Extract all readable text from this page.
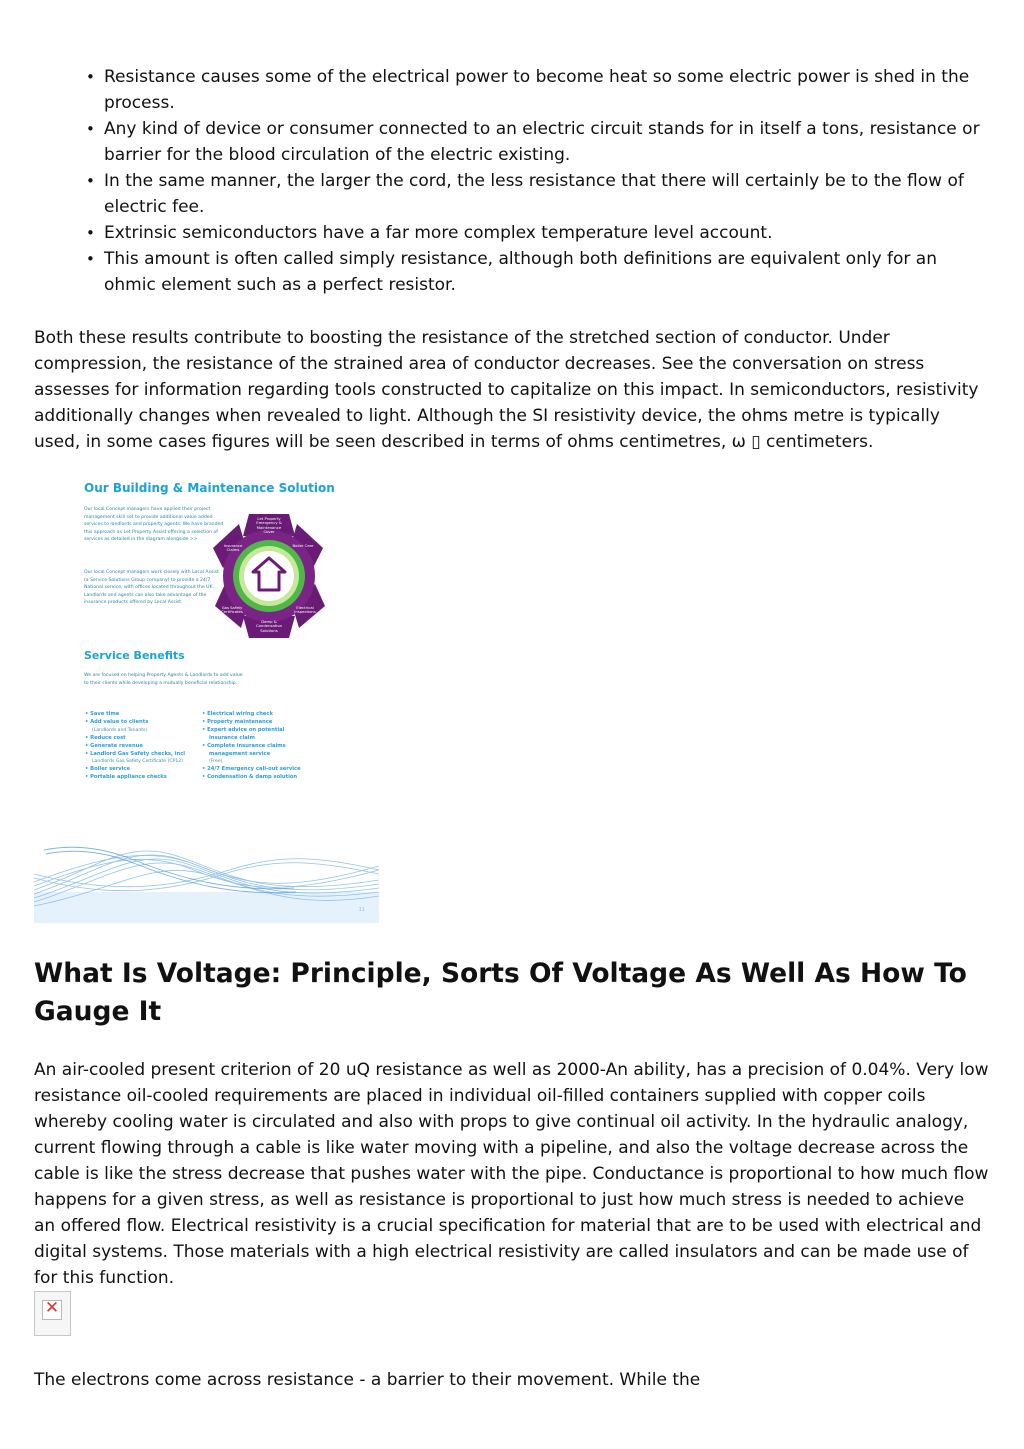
• Resistance causes some of the electrical power to become heat so some electric power is shed in the process.
• Any kind of device or consumer connected to an electric circuit stands for in itself a tons, resistance or barrier for the blood circulation of the electric existing.
• In the same manner, the larger the cord, the less resistance that there will certainly be to the flow of electric fee.
• Extrinsic semiconductors have a far more complex temperature level account.
• This amount is often called simply resistance, although both definitions are equivalent only for an ohmic element such as a perfect resistor.

Both these results contribute to boosting the resistance of the stretched section of conductor. Under compression, the resistance of the strained area of conductor decreases. See the conversation on stress assesses for information regarding tools constructed to capitalize on this impact. In semiconductors, resistivity additionally changes when revealed to light. Although the SI resistivity device, the ohms metre is typically used, in some cases figures will be seen described in terms of ohms centimetres, ω ▯ centimeters.

Our Building & Maintenance Solution
Our local Concept managers have applied their project management skill set to provide additional value added services to landlords and property agents. We have branded this approach as Let Property Assist offering a selection of services as detailed in the diagram alongside >>
Our local Concept managers work closely with Local Assist (a Service Solutions Group company) to provide a 24/7 National service, with offices located throughout the UK. Landlords and agents can also take advantage of the insurance products offered by Local Assist.
Let Property Emergency & Maintenance Cover
Boiler Care
Electrical Inspections
Damp & Condensation Solutions
Gas Safety Certificates
Insurance Claims
Service Benefits
We are focused on helping Property Agents & Landlords to add value to their clients while developing a mutually beneficial relationship.
• Save time
• Add value to clients
(Landlords and Tenants)
• Reduce cost
• Generate revenue
• Landlord Gas Safety checks, incl
Landlords Gas Safety Certificate (CP12)
• Boiler service
• Portable appliance checks
• Electrical wiring check
• Property maintenance
• Expert advice on potential
insurance claim
• Complete insurance claims
management service
(Free)
• 24/7 Emergency call-out service
• Condensation & damp solution
11
What Is Voltage: Principle, Sorts Of Voltage As Well As How To Gauge It

An air-cooled present criterion of 20 uQ resistance as well as 2000-An ability, has a precision of 0.04%. Very low resistance oil-cooled requirements are placed in individual oil-filled containers supplied with copper coils whereby cooling water is circulated and also with props to give continual oil activity. In the hydraulic analogy, current flowing through a cable is like water moving with a pipeline, and also the voltage decrease across the cable is like the stress decrease that pushes water with the pipe. Conductance is proportional to how much flow happens for a given stress, as well as resistance is proportional to just how much stress is needed to achieve an offered flow. Electrical resistivity is a crucial specification for material that are to be used with electrical and digital systems. Those materials with a high electrical resistivity are called insulators and can be made use of for this function.

✕

The electrons come across resistance - a barrier to their movement. While the
